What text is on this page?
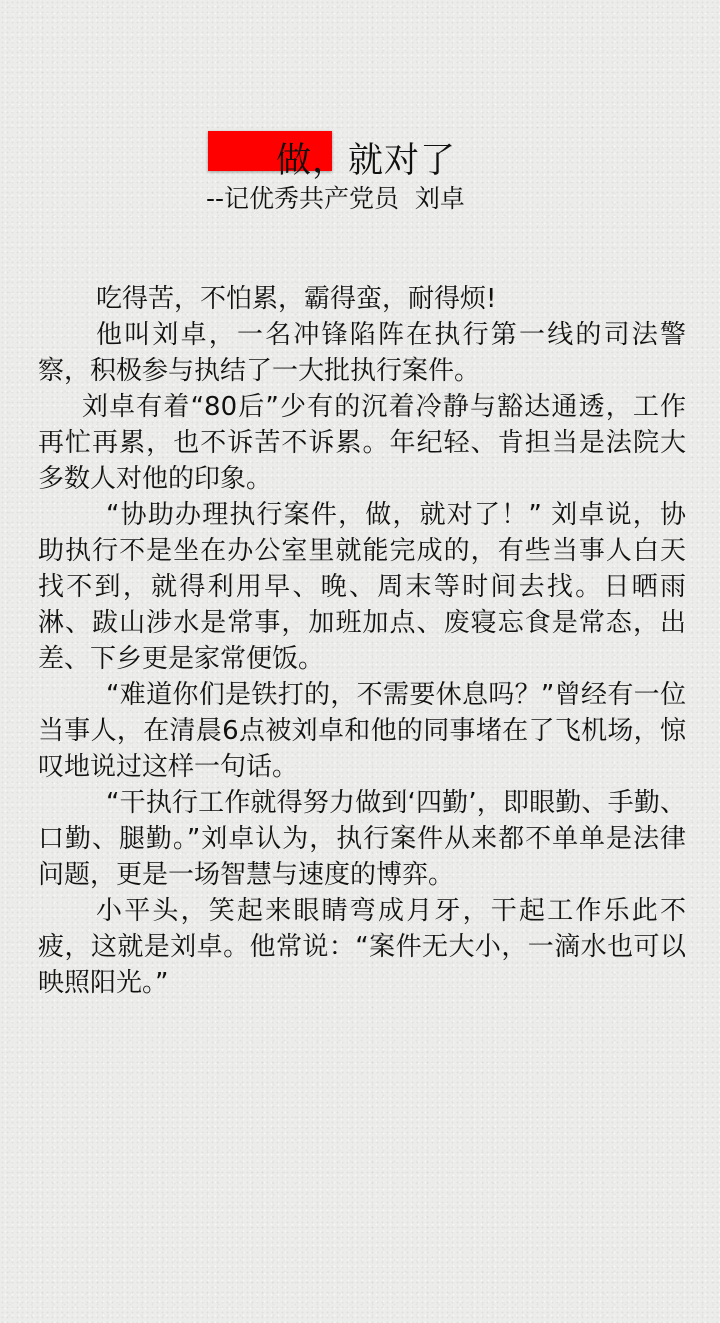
做，就对了
--记优秀共产党员  刘卓

吃得苦，不怕累，霸得蛮，耐得烦!

他叫刘卓，一名冲锋陷阵在执行第一线的司法警察，积极参与执结了一大批执行案件。

刘卓有着“80后”少有的沉着冷静与豁达通透，工作再忙再累，也不诉苦不诉累。年纪轻、肯担当是法院大多数人对他的印象。

“协助办理执行案件，做，就对了！” 刘卓说，协助执行不是坐在办公室里就能完成的，有些当事人白天找不到，就得利用早、晚、周末等时间去找。日晒雨淋、跋山涉水是常事，加班加点、废寝忘食是常态，出差、下乡更是家常便饭。

“难道你们是铁打的，不需要休息吗？”曾经有一位当事人，在清晨6点被刘卓和他的同事堵在了飞机场，惊叹地说过这样一句话。

“干执行工作就得努力做到‘四勤’，即眼勤、手勤、口勤、腿勤。”刘卓认为，执行案件从来都不单单是法律问题，更是一场智慧与速度的博弈。

小平头，笑起来眼睛弯成月牙，干起工作乐此不疲，这就是刘卓。他常说：“案件无大小，一滴水也可以映照阳光。”
